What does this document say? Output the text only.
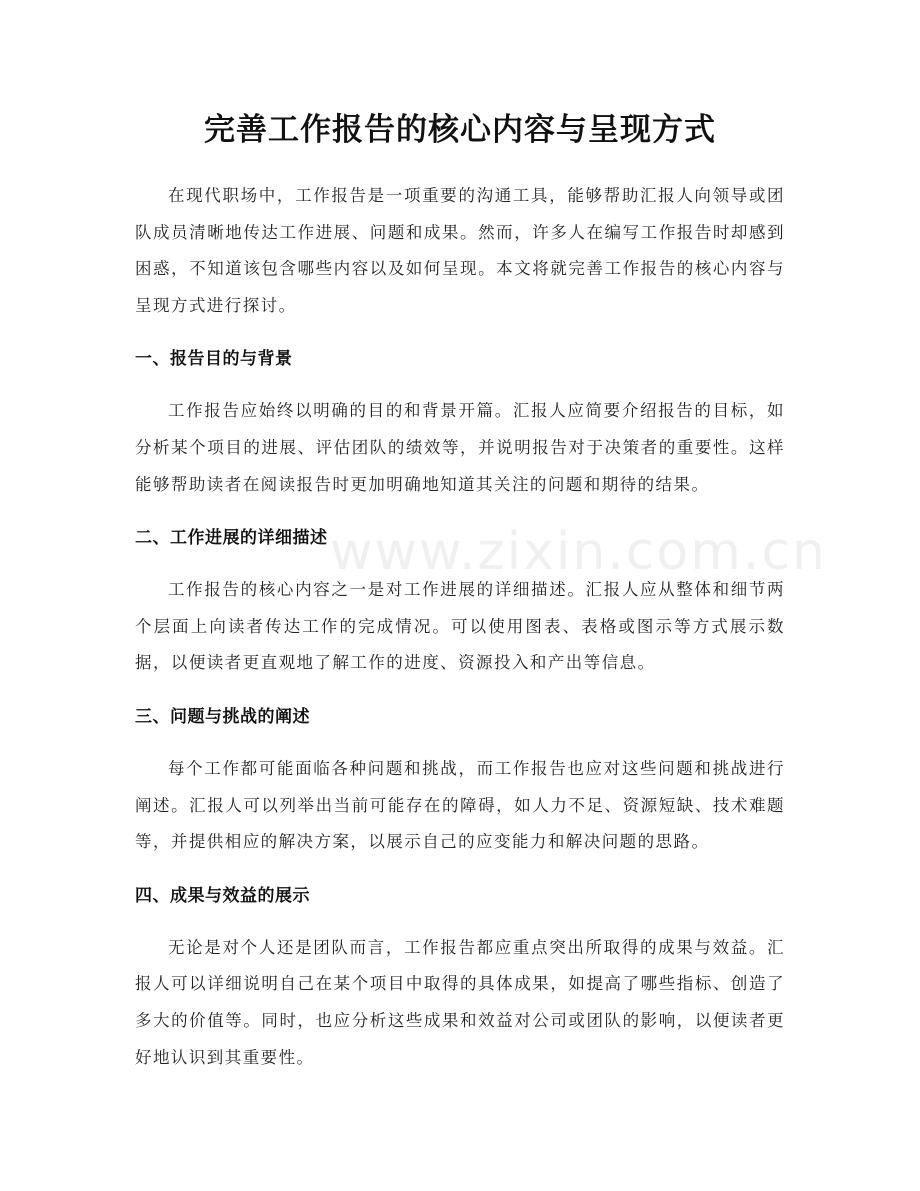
完善工作报告的核心内容与呈现方式

在现代职场中，工作报告是一项重要的沟通工具，能够帮助汇报人向领导或团队成员清晰地传达工作进展、问题和成果。然而，许多人在编写工作报告时却感到困惑，不知道该包含哪些内容以及如何呈现。本文将就完善工作报告的核心内容与呈现方式进行探讨。

一、报告目的与背景

工作报告应始终以明确的目的和背景开篇。汇报人应简要介绍报告的目标，如分析某个项目的进展、评估团队的绩效等，并说明报告对于决策者的重要性。这样能够帮助读者在阅读报告时更加明确地知道其关注的问题和期待的结果。

二、工作进展的详细描述

工作报告的核心内容之一是对工作进展的详细描述。汇报人应从整体和细节两个层面上向读者传达工作的完成情况。可以使用图表、表格或图示等方式展示数据，以便读者更直观地了解工作的进度、资源投入和产出等信息。

三、问题与挑战的阐述

每个工作都可能面临各种问题和挑战，而工作报告也应对这些问题和挑战进行阐述。汇报人可以列举出当前可能存在的障碍，如人力不足、资源短缺、技术难题等，并提供相应的解决方案，以展示自己的应变能力和解决问题的思路。

四、成果与效益的展示

无论是对个人还是团队而言，工作报告都应重点突出所取得的成果与效益。汇报人可以详细说明自己在某个项目中取得的具体成果，如提高了哪些指标、创造了多大的价值等。同时，也应分析这些成果和效益对公司或团队的影响，以便读者更好地认识到其重要性。

www.zixin.com.cn
